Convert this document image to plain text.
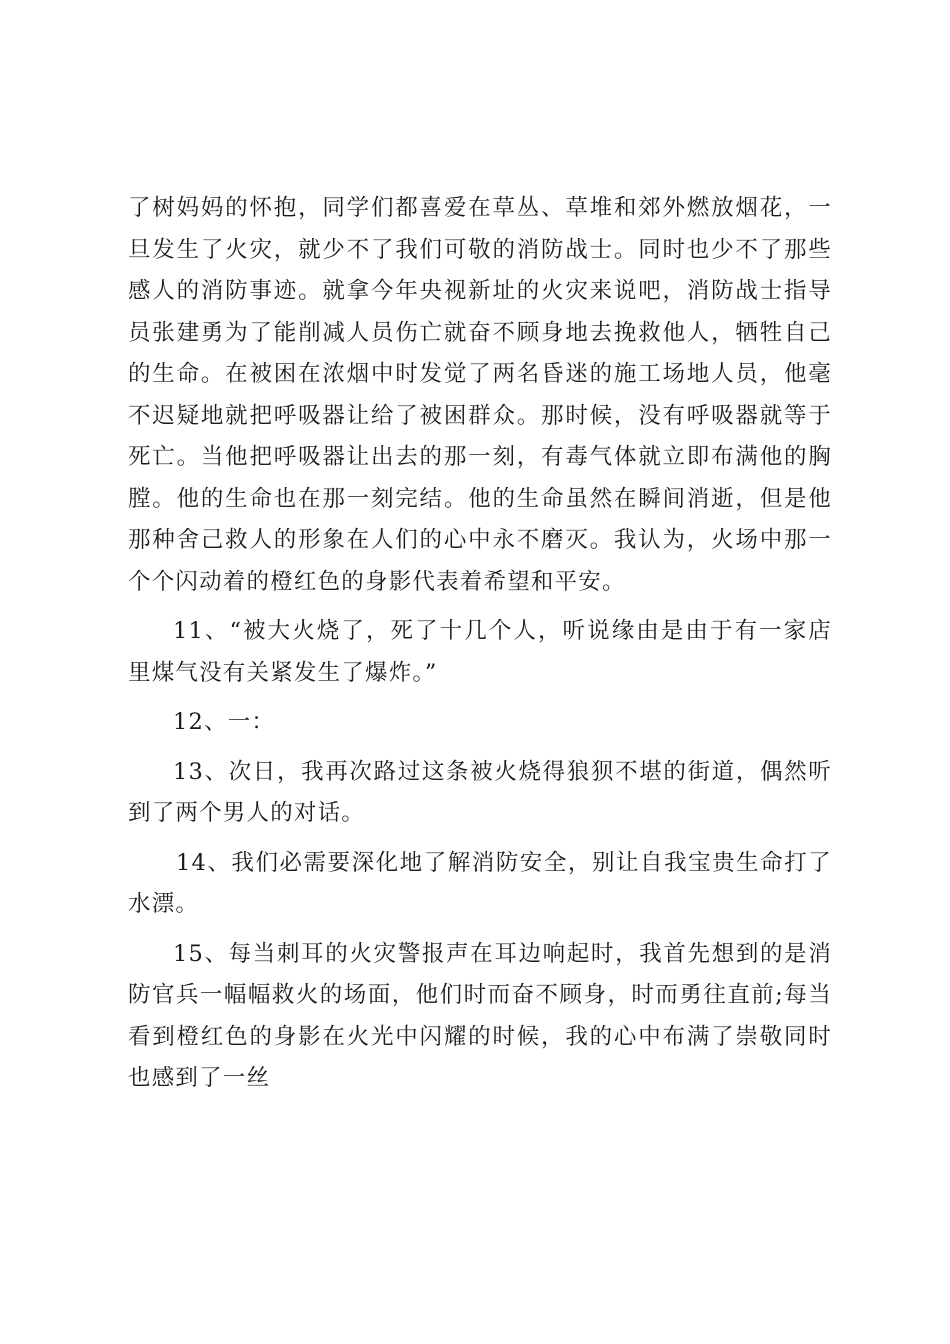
了树妈妈的怀抱，同学们都喜爱在草丛、草堆和郊外燃放烟花，一旦发生了火灾，就少不了我们可敬的消防战士。同时也少不了那些感人的消防事迹。就拿今年央视新址的火灾来说吧，消防战士指导员张建勇为了能削减人员伤亡就奋不顾身地去挽救他人，牺牲自己的生命。在被困在浓烟中时发觉了两名昏迷的施工场地人员，他毫不迟疑地就把呼吸器让给了被困群众。那时候，没有呼吸器就等于死亡。当他把呼吸器让出去的那一刻，有毒气体就立即布满他的胸膛。他的生命也在那一刻完结。他的生命虽然在瞬间消逝，但是他那种舍己救人的形象在人们的心中永不磨灭。我认为，火场中那一个个闪动着的橙红色的身影代表着希望和平安。

11、“被大火烧了，死了十几个人，听说缘由是由于有一家店里煤气没有关紧发生了爆炸。”

12、一：

13、次日，我再次路过这条被火烧得狼狈不堪的街道，偶然听到了两个男人的对话。

14、我们必需要深化地了解消防安全，别让自我宝贵生命打了水漂。

15、每当刺耳的火灾警报声在耳边响起时，我首先想到的是消防官兵一幅幅救火的场面，他们时而奋不顾身，时而勇往直前;每当看到橙红色的身影在火光中闪耀的时候，我的心中布满了崇敬同时也感到了一丝
